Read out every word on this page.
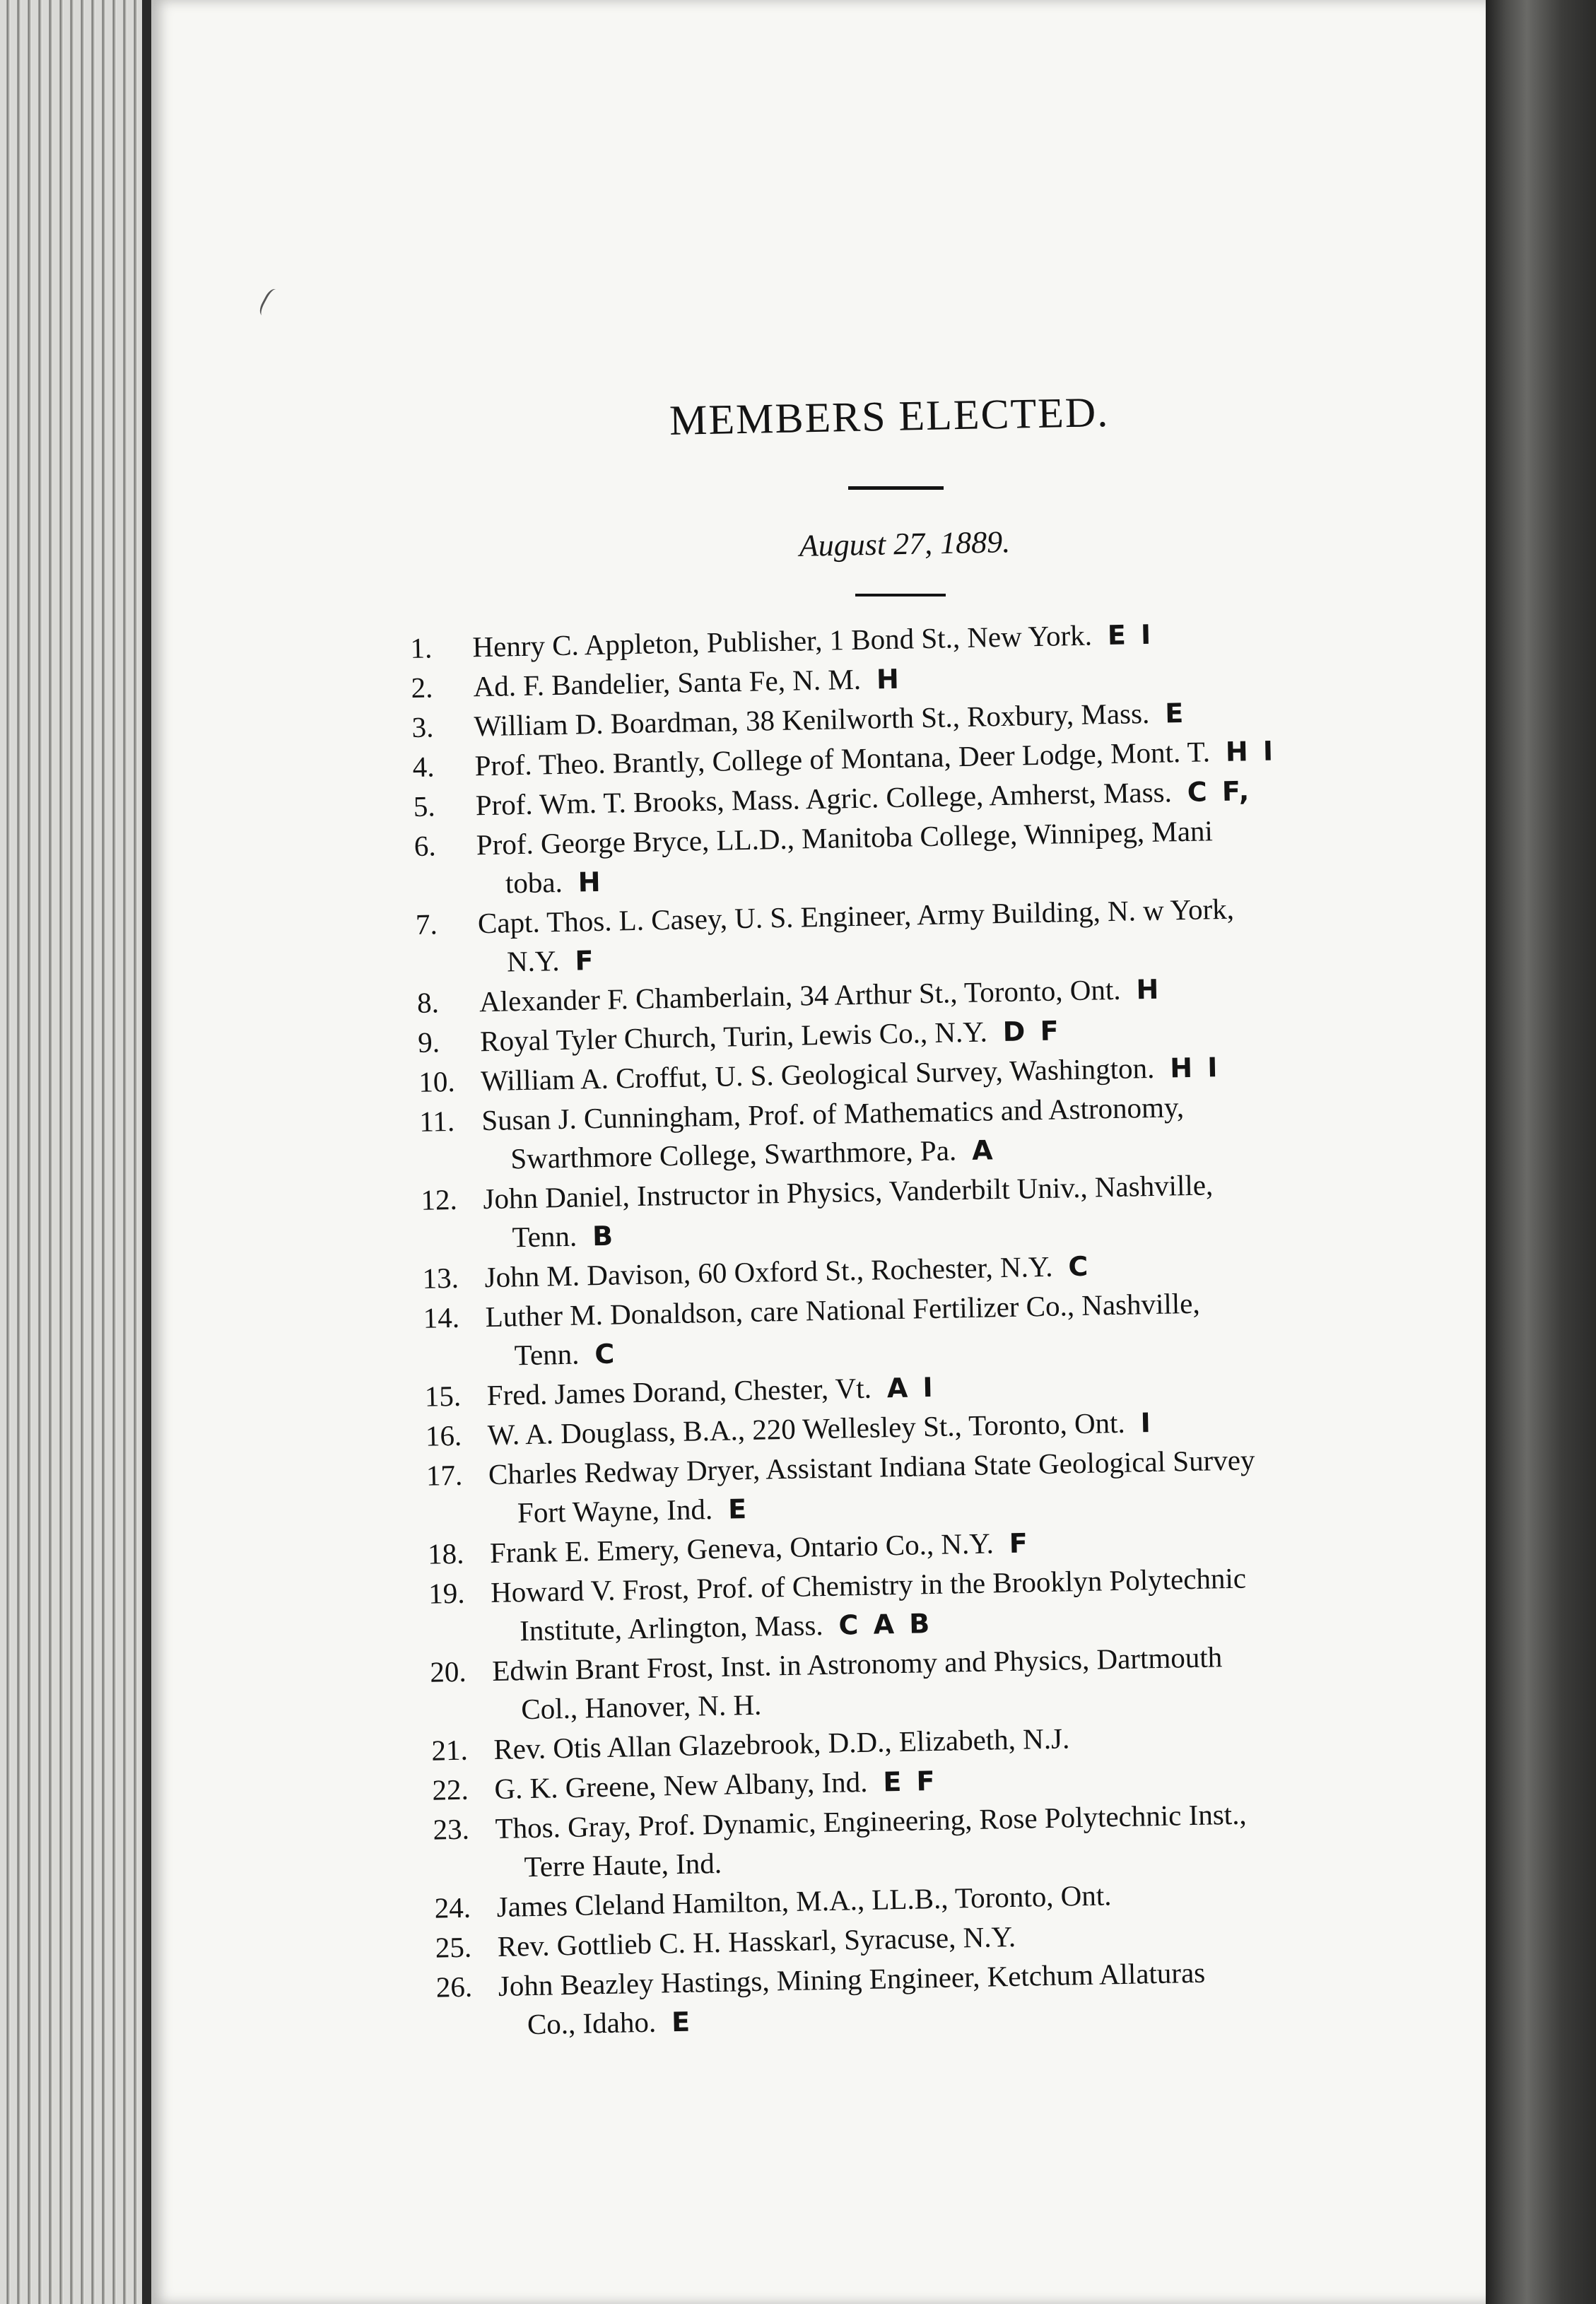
MEMBERS ELECTED.
August 27, 1889.
1.	Henry C. Appleton, Publisher, 1 Bond St., New York. E I
2.	Ad. F. Bandelier, Santa Fe, N. M. H
3.	William D. Boardman, 38 Kenilworth St., Roxbury, Mass. E
4.	Prof. Theo. Brantly, College of Montana, Deer Lodge, Mont. T. H I
5.	Prof. Wm. T. Brooks, Mass. Agric. College, Amherst, Mass. C F,
6.	Prof. George Bryce, LL.D., Manitoba College, Winnipeg, Mani
toba. H
7.	Capt. Thos. L. Casey, U. S. Engineer, Army Building, N. w York,
N.Y. F
8.	Alexander F. Chamberlain, 34 Arthur St., Toronto, Ont. H
9.	Royal Tyler Church, Turin, Lewis Co., N.Y. D F
10. William A. Croffut, U. S. Geological Survey, Washington. H I
11. Susan J. Cunningham, Prof. of Mathematics and Astronomy,
Swarthmore College, Swarthmore, Pa. A
12. John Daniel, Instructor in Physics, Vanderbilt Univ., Nashville,
Tenn. B
13. John M. Davison, 60 Oxford St., Rochester, N.Y. C
14. Luther M. Donaldson, care National Fertilizer Co., Nashville,
Tenn. C
15. Fred. James Dorand, Chester, Vt. A I
16. W. A. Douglass, B.A., 220 Wellesley St., Toronto, Ont. I
17. Charles Redway Dryer, Assistant Indiana State Geological Survey
Fort Wayne, Ind. E
18. Frank E. Emery, Geneva, Ontario Co., N.Y. F
19. Howard V. Frost, Prof. of Chemistry in the Brooklyn Polytechnic
Institute, Arlington, Mass. C A B
20. Edwin Brant Frost, Inst. in Astronomy and Physics, Dartmouth
Col., Hanover, N. H.
21. Rev. Otis Allan Glazebrook, D.D., Elizabeth, N.J.
22. G. K. Greene, New Albany, Ind. E F
23. Thos. Gray, Prof. Dynamic, Engineering, Rose Polytechnic Inst.,
Terre Haute, Ind.
24. James Cleland Hamilton, M.A., LL.B., Toronto, Ont.
25. Rev. Gottlieb C. H. Hasskarl, Syracuse, N.Y.
26. John Beazley Hastings, Mining Engineer, Ketchum Allaturas
Co., Idaho. E
